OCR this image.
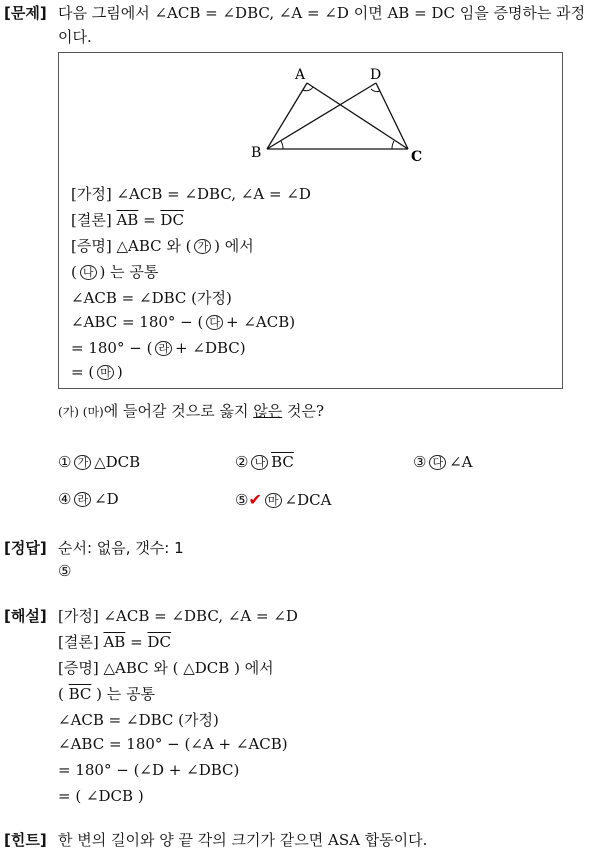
[문제] 다음 그림에서 ∠ACB = ∠DBC, ∠A = ∠D 이면 AB = DC 임을 증명하는 과정
이다.
A	D
B	C
[가정] ∠ACB = ∠DBC, ∠A = ∠D
[결론] $\overline{AB} = \overline{DC}$
[증명] △ABC 와 ( 가 ) 에서
( 나 ) 는 공통
∠ACB = ∠DBC (가정)
∠ABC = 180° − ( 다 + ∠ACB)
= 180° − ( 라 + ∠DBC)
= ( 마 )
(가) (마)에 들어갈 것으로 옳지 않은 것은?
① 가 △DCB	② 나 $\overline{BC}$	③ 다 ∠A
④ 라 ∠D	⑤✔ 마 ∠DCA
[정답] 순서: 없음, 갯수: 1
⑤
[해설] [가정] ∠ACB = ∠DBC, ∠A = ∠D
[결론] $\overline{AB} = \overline{DC}$
[증명] △ABC 와 ( △DCB ) 에서
( $\overline{BC}$ ) 는 공통
∠ACB = ∠DBC (가정)
∠ABC = 180° − (∠A + ∠ACB)
= 180° − (∠D + ∠DBC)
= ( ∠DCB )
[힌트] 한 변의 길이와 양 끝 각의 크기가 같으면 ASA 합동이다.
